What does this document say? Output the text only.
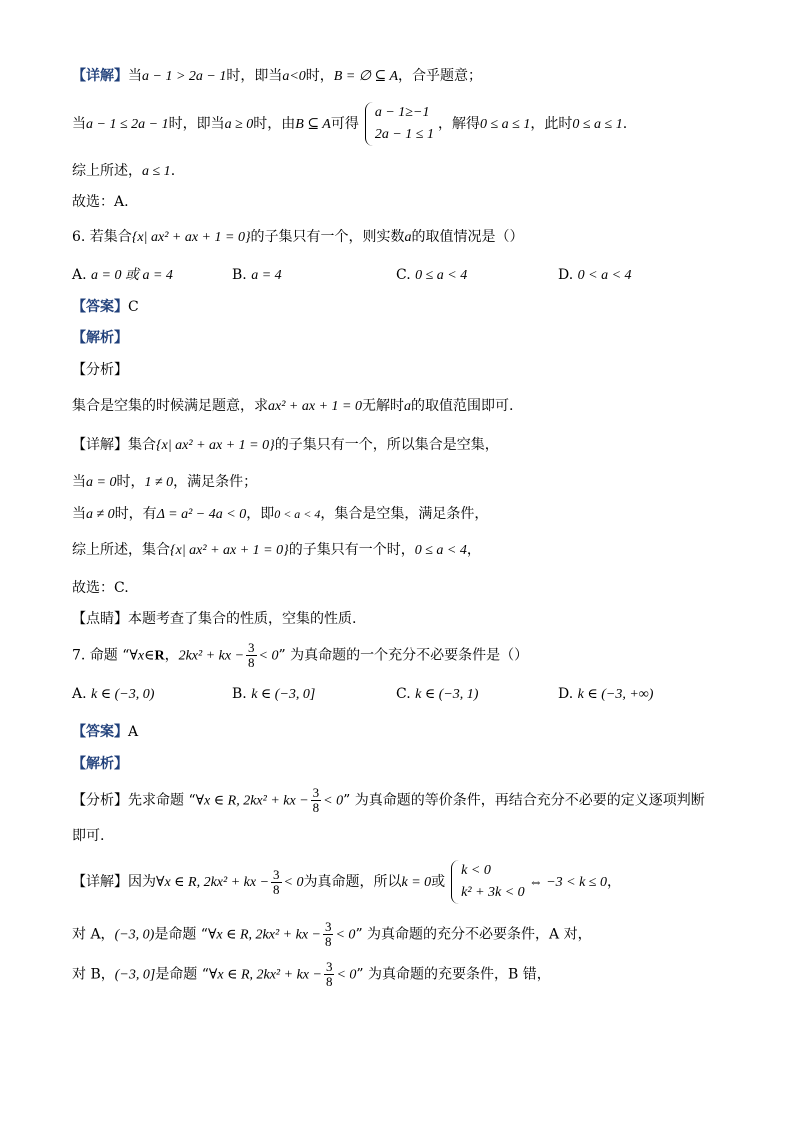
【详解】当a − 1 > 2a − 1时，即当a<0时，B = ∅ ⊆ A，合乎题意；
当a − 1 ≤ 2a − 1时，即当a ≥ 0时，由B ⊆ A可得
a − 1≥−1
2a − 1 ≤ 1
，解得0 ≤ a ≤ 1，此时0 ≤ a ≤ 1.
综上所述，a ≤ 1.
故选：A.
6. 若集合{x| ax² + ax + 1 = 0}的子集只有一个，则实数a的取值情况是（）
A. a = 0 或 a = 4	B. a = 4	C. 0 ≤ a < 4	D. 0 < a < 4
【答案】C
【解析】
【分析】
集合是空集的时候满足题意，求ax² + ax + 1 = 0无解时a的取值范围即可.
【详解】集合{x| ax² + ax + 1 = 0}的子集只有一个，所以集合是空集，
当a = 0时，1 ≠ 0，满足条件；
当a ≠ 0时，有Δ = a² − 4a < 0，即0 < a < 4，集合是空集，满足条件，
综上所述，集合{x| ax² + ax + 1 = 0}的子集只有一个时，0 ≤ a < 4，
故选：C.
【点睛】本题考查了集合的性质，空集的性质.
7. 命题 “∀x∈R，2kx² + kx − $\frac{3}{8} < 0$” 为真命题的一个充分不必要条件是（）
A. k ∈ (−3, 0)	B. k ∈ (−3, 0]	C. k ∈ (−3, 1)	D. k ∈ (−3, +∞)
【答案】A
【解析】
【分析】先求命题 “∀x ∈ R, 2kx² + kx − $\frac{3}{8} < 0$” 为真命题的等价条件，再结合充分不必要的定义逐项判断
即可.
【详解】因为∀x ∈ R, 2kx² + kx − $\frac{3}{8} < 0$为真命题，所以k = 0或
k < 0
k² + 3k < 0
⇔ −3 < k ≤ 0，
对 A，(−3, 0)是命题 “∀x ∈ R, 2kx² + kx − $\frac{3}{8} < 0$” 为真命题的充分不必要条件，A 对，
对 B，(−3, 0]是命题 “∀x ∈ R, 2kx² + kx − $\frac{3}{8} < 0$” 为真命题的充要条件，B 错，
